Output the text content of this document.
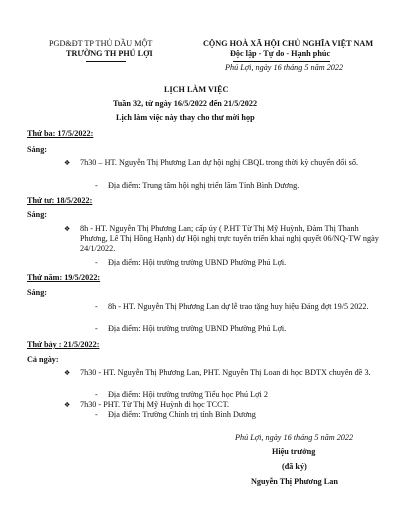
PGD&ĐT TP THỦ DẦU MỘT
TRƯỜNG TH PHÚ LỢI
CỘNG HOÀ XÃ HỘI CHỦ NGHĨA VIỆT NAM
Độc lập - Tự do - Hạnh phúc
Phú Lợi, ngày 16 tháng 5 năm 2022
LỊCH LÀM VIỆC
Tuần 32, từ ngày 16/5/2022 đến 21/5/2022
Lịch làm việc này thay cho thư mời họp
Thứ ba: 17/5/2022:
Sáng:
❖ 7h30 – HT. Nguyễn Thị Phương Lan dự hội nghị CBQL trong thời kỳ chuyển đổi số.
- Địa điểm: Trung tâm hội nghị triển lãm Tỉnh Bình Dương.
Thứ tư: 18/5/2022:
Sáng:
❖ 8h - HT. Nguyễn Thị Phương Lan; cấp ủy ( P.HT Từ Thị Mỹ Huỳnh, Đàm Thị Thanh Phương, Lê Thị Hồng Hạnh) dự Hội nghị trực tuyến triển khai nghị quyết 06/NQ-TW ngày 24/1/2022.
- Địa điểm: Hội trường trường UBND Phường Phú Lợi.
Thứ năm: 19/5/2022:
Sáng:
- 8h - HT. Nguyễn Thị Phương Lan dự lễ trao tặng huy hiệu Đảng đợt 19/5 2022.
- Địa điểm: Hội trường trường UBND Phường Phú Lợi.
Thứ bảy : 21/5/2022:
Cả ngày:
❖ 7h30 - HT. Nguyễn Thị Phương Lan, PHT. Nguyễn Thị Loan đi học BDTX chuyên đề 3.
- Địa điểm: Hội trường trường Tiểu học Phú Lợi 2
❖ 7h30 - PHT. Từ Thị Mỹ Huỳnh đi học TCCT.
- Địa điểm: Trường Chính trị tỉnh Bình Dương
Phú Lợi, ngày 16 tháng 5 năm 2022
Hiệu trưởng
(đã ký)
Nguyễn Thị Phương Lan
